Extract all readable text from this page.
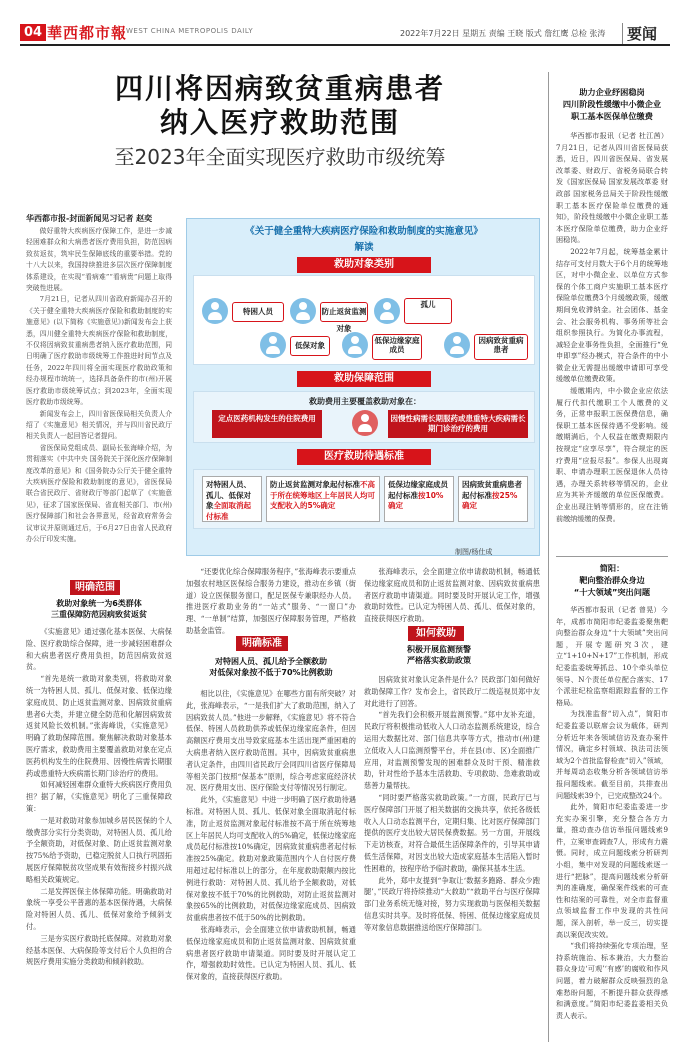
04 華西都市報
WEST CHINA METROPOLIS DAILY	2022年7月22日 星期五 责编 王晓 版式 詹红鹰 总检 张涛	要闻
四川将因病致贫重病患者
纳入医疗救助范围
至2023年全面实现医疗救助市级统筹
华西都市报-封面新闻见习记者 赵奕

做好重特大疾病医疗保障工作，是进一步减轻困难群众和大病患者医疗费用负担，防范因病致贫返贫，筑牢民生保障底线的重要举措。党的十八大以来，我国持续推进多层次医疗保障制度体系建设，在实现“看病难”“看病贵”问题上取得突破性进展。

7月21日，记者从四川省政府新闻办召开的《关于健全重特大疾病医疗保险和救助制度的实施意见》(以下简称《实施意见》)新闻发布会上获悉，四川健全重特大疾病医疗保险和救助制度，不仅将因病致贫重病患者纳入医疗救助范围，同日明确了医疗救助市级统筹工作推进时间节点及任务，2022年四川将全面实现医疗救助政策和经办规程市统统一，选择具备条件的市(州)开展医疗救助市级统筹试点；到2023年，全面实现医疗救助市级统筹。

新闻发布会上，四川省医保局相关负责人介绍了《实施意见》相关情况，并与四川省民政厅相关负责人一起回答记者提问。

省医保局党组成员、副局长张海峰介绍，为贯彻落实《中共中央 国务院关于深化医疗保障制度改革的意见》和《国务院办公厅关于健全重特大疾病医疗保险和救助制度的意见》，省医保局联合省民政厅、省财政厅等部门起草了《实施意见》，征求了国家医保局、省直相关部门、市(州)医疗保障部门和社会各界意见，经省政府常务会议审议并原则通过后，于6月27日由省人民政府办公厅印发实施。

《关于健全重特大疾病医疗保险和救助制度的实施意见》
解读
救助对象类别
特困人员	防止返贫监测对象
孤儿
低保对象
低保边缘家庭成员
因病致贫重病患者
救助保障范围
救助费用主要覆盖救助对象在：
定点医药机构发生的住院费用	因慢性病需长期服药或患重特大疾病需长期门诊治疗的费用
医疗救助待遇标准
对特困人员、孤儿、低保对象全面取消起付标准
防止返贫监测对象起付标准不高于所在统筹地区上年居民人均可支配收入的5%确定
低保边缘家庭成员起付标准按10%确定
因病致贫重病患者起付标准按25%确定
制图/杨仕成
明确范围
救助对象统一为6类群体
三重保障防范因病致贫返贫

《实施意见》通过强化基本医保、大病保险、医疗救助综合保障，进一步减轻困难群众和大病患者医疗费用负担，防范因病致贫返贫。

“首先是统一救助对象类别，将救助对象统一为特困人员、孤儿、低保对象、低保边缘家庭成员、防止返贫监测对象、因病致贫重病患者6大类，并建立健全防范和化解因病致贫返贫风险长效机制。”张海峰说，《实施意见》明确了救助保障范围。聚焦解决救助对象基本医疗需求，救助费用主要覆盖救助对象在定点医药机构发生的住院费用、因慢性病需长期服药或患重特大疾病需长期门诊治疗的费用。

如何减轻困难群众重特大疾病医疗费用负担？据了解，《实施意见》明化了三重保障政策：

一是对救助对象参加城乡居民医保的个人缴费部分实行分类资助，对特困人员、孤儿给予全额资助，对低保对象、防止返贫监测对象按75%给予资助，已稳定脱贫人口执行巩固拓展医疗保障脱贫攻坚成果有效衔接乡村振兴战略相关政策规定。

二是发挥医保主体保障功能。明确救助对象统一享受公平普惠的基本医保待遇，大病保险对特困人员、孤儿、低保对象给予倾斜支付。

三是夯实医疗救助托底保障。对救助对象经基本医保、大病保险等支付后个人负担的合规医疗费用实施分类救助和倾斜救助。

“还要优化综合保障服务程序，”张海峰表示要重点加强农村地区医保综合服务力建设，推动在乡镇（街道）设立医保服务窗口，配足医保专兼职经办人员。推进医疗救助业务的“一站式”服务、“一窗口”办理、“一单制”结算，加强医疗保障服务管理，严格救助基金监管。

明确标准
对特困人员、孤儿给予全额救助
对低保对象按不低于70%比例救助

相比以往，《实施意见》在哪些方面有所突破？对此，张海峰表示，“一是我们扩大了救助范围，纳入了因病致贫人员。”他进一步解释，《实施意见》将不符合低保、特困人员救助供养或低保边缘家庭条件，但因高额医疗费用支出导致家庭基本生活出现严重困难的大病患者纳入医疗救助范围。其中，因病致贫重病患者认定条件，由四川省民政厅会同四川省医疗保障局等相关部门按照“保基本”原则，综合考虑家庭经济状况、医疗费用支出、医疗保险支付等情况另行制定。

此外，《实施意见》中进一步明确了医疗救助待遇标准。对特困人员、孤儿、低保对象全面取消起付标准，防止返贫监测对象起付标准按不高于所在统筹地区上年居民人均可支配收入的5%确定，低保边缘家庭成员起付标准按10%确定，因病致贫重病患者起付标准按25%确定。救助对象政策范围内个人自付医疗费用超过起付标准以上的部分，在年度救助限额内按比例进行救助：对特困人员、孤儿给予全额救助，对低保对象按不低于70%的比例救助，对防止返贫监测对象按65%的比例救助，对低保边缘家庭成员、因病致贫重病患者按不低于50%的比例救助。

张海峰表示，会全面建立依申请救助机制，畅通低保边缘家庭成员和防止返贫监测对象、因病致贫重病患者医疗救助申请渠道。同时要及时开展认定工作，增强救助时效性。已认定为特困人员、孤儿、低保对象的，直接获得医疗救助。

张海峰表示，会全面建立依申请救助机制，畅通低保边缘家庭成员和防止返贫监测对象、因病致贫重病患者医疗救助申请渠道。同时要及时开展认定工作，增强救助时效性。已认定为特困人员、孤儿、低保对象的，直接获得医疗救助。

如何救助
积极开展监测预警
严格落实救助政策

因病致贫对象认定条件是什么？民政部门如何做好救助保障工作？发布会上，省民政厅二级巡视员郑中友对此进行了回答。

“首先我们会积极开展监测预警。”郑中友补充道，民政厅将积极推动低收入人口动态监测系统建设，综合运用大数据比对、部门信息共享等方式，推动市(州)建立低收入人口监测预警平台，并在县(市、区)全面推广应用，对监测预警发现的困难群众及时干预、精准救助，针对性给予基本生活救助、专项救助、急难救助或慈善力量帮扶。

“同时要严格落实救助政策。”一方面，民政厅已与医疗保障部门开展了相关数据的交换共享，依托各级低收入人口动态监测平台，定期归集、比对医疗保障部门提供的医疗支出较大居民保费数据。另一方面，开展线下走访核查，对符合最低生活保障条件的，引导其申请低生活保障，对因支出较大造成家庭基本生活陷入暂时性困难的，按程序给予临时救助，确保其基本生活。

此外，郑中友提到“争取让‘数据多跑路、群众少跑腿’，”民政厅将持续推动“大救助”“救助平台与医疗保障部门业务系统无缝对接，努力实现救助与医保相关数据信息实时共享。及时将低保、特困、低保边缘家庭成员等对象信息数据推送给医疗保障部门。

助力企业纾困稳岗
四川阶段性缓缴中小微企业
职工基本医保单位缴费

华西都市报讯（记者 杜江茜）7月21日，记者从四川省医保局获悉，近日，四川省医保局、省发展改革委、财政厅、省税务局联合转发《国家医保局 国家发展改革委 财政部 国家税务总局关于阶段性缓缴职工基本医疗保险单位缴费的通知》，阶段性缓缴中小微企业职工基本医疗保险单位缴费，助力企业纾困稳岗。

2022年7月起，统筹基金累计结存可支付月数大于6个月的统筹地区，对中小微企业、以单位方式参保的个体工商户实施职工基本医疗保险单位缴费3个月缓缴政策，缓缴期间免收滞纳金。社会团体、基金会、社会服务机构、事务所等社会组织参照执行。为简化办事流程，减轻企业事务性负担，全面推行“免申即享”经办模式，符合条件的中小微企业无需提出缓缴申请即可享受缓缴单位缴费政策。

缓缴期内，中小微企业应依法履行代扣代缴职工个人缴费的义务，正常申报职工医保费信息，确保职工基本医保待遇不受影响。缓缴期满后，个人权益在缴费期限内按规定“应享尽享”，符合规定的医疗费用“应报尽报”。参保人出现离职、申请办理职工医保退休人员待遇，办理关系转移等情况的，企业应为其补齐缓缴的单位医保缴费。企业出现注销等情形的，应在注销前缴纳缓缴的保费。

简阳：
靶向整治群众身边
“十大领域”突出问题

华西都市报讯（记者 曾晃）今年，成都市简阳市纪委监委聚焦靶向整治群众身边“十大领域”突出问题，开展专题研究3次，建立“1+10+N+17”工作机制，形成纪委监委统筹抓总、10个牵头单位领导、N个责任单位配合落实、17个派驻纪检监察组跟踪监督的工作格局。

为找准监督“切入点”，简阳市纪委监委以联席会议为载体，研判分析近年来各领域信访及查办案件情况，确定乡村领域、执法司法领域为2个首批监督检查“切入”领域，并每周动态收集分析各领域信访举报问题线索。截至目前，共排查出问题线索39个，已完成整改24个。

此外，简阳市纪委监委进一步充实办案引擎，充分整合各方力量，推动查办信访举报问题线索9件，立案审查调查7人，形成有力震慑。同时，成立问题线索分析研判小组，集中对发现的问题线索逐一进行“把脉”，提高问题线索分析研判的准确度，确保案件线索的可查性和结案的可靠性，对全市监督重点领域监督工作中发现的共性问题，深入剖析，举一反三，切实提高以案促改实效。

“我们将持续强化专项治理，坚持系统施治、标本兼治，大力整治群众身边‘可观’‘有感’的腐败和作风问题，着力破解群众反映强烈的急难愁盼问题，不断提升群众获得感和满意度。”简阳市纪委监委相关负责人表示。
